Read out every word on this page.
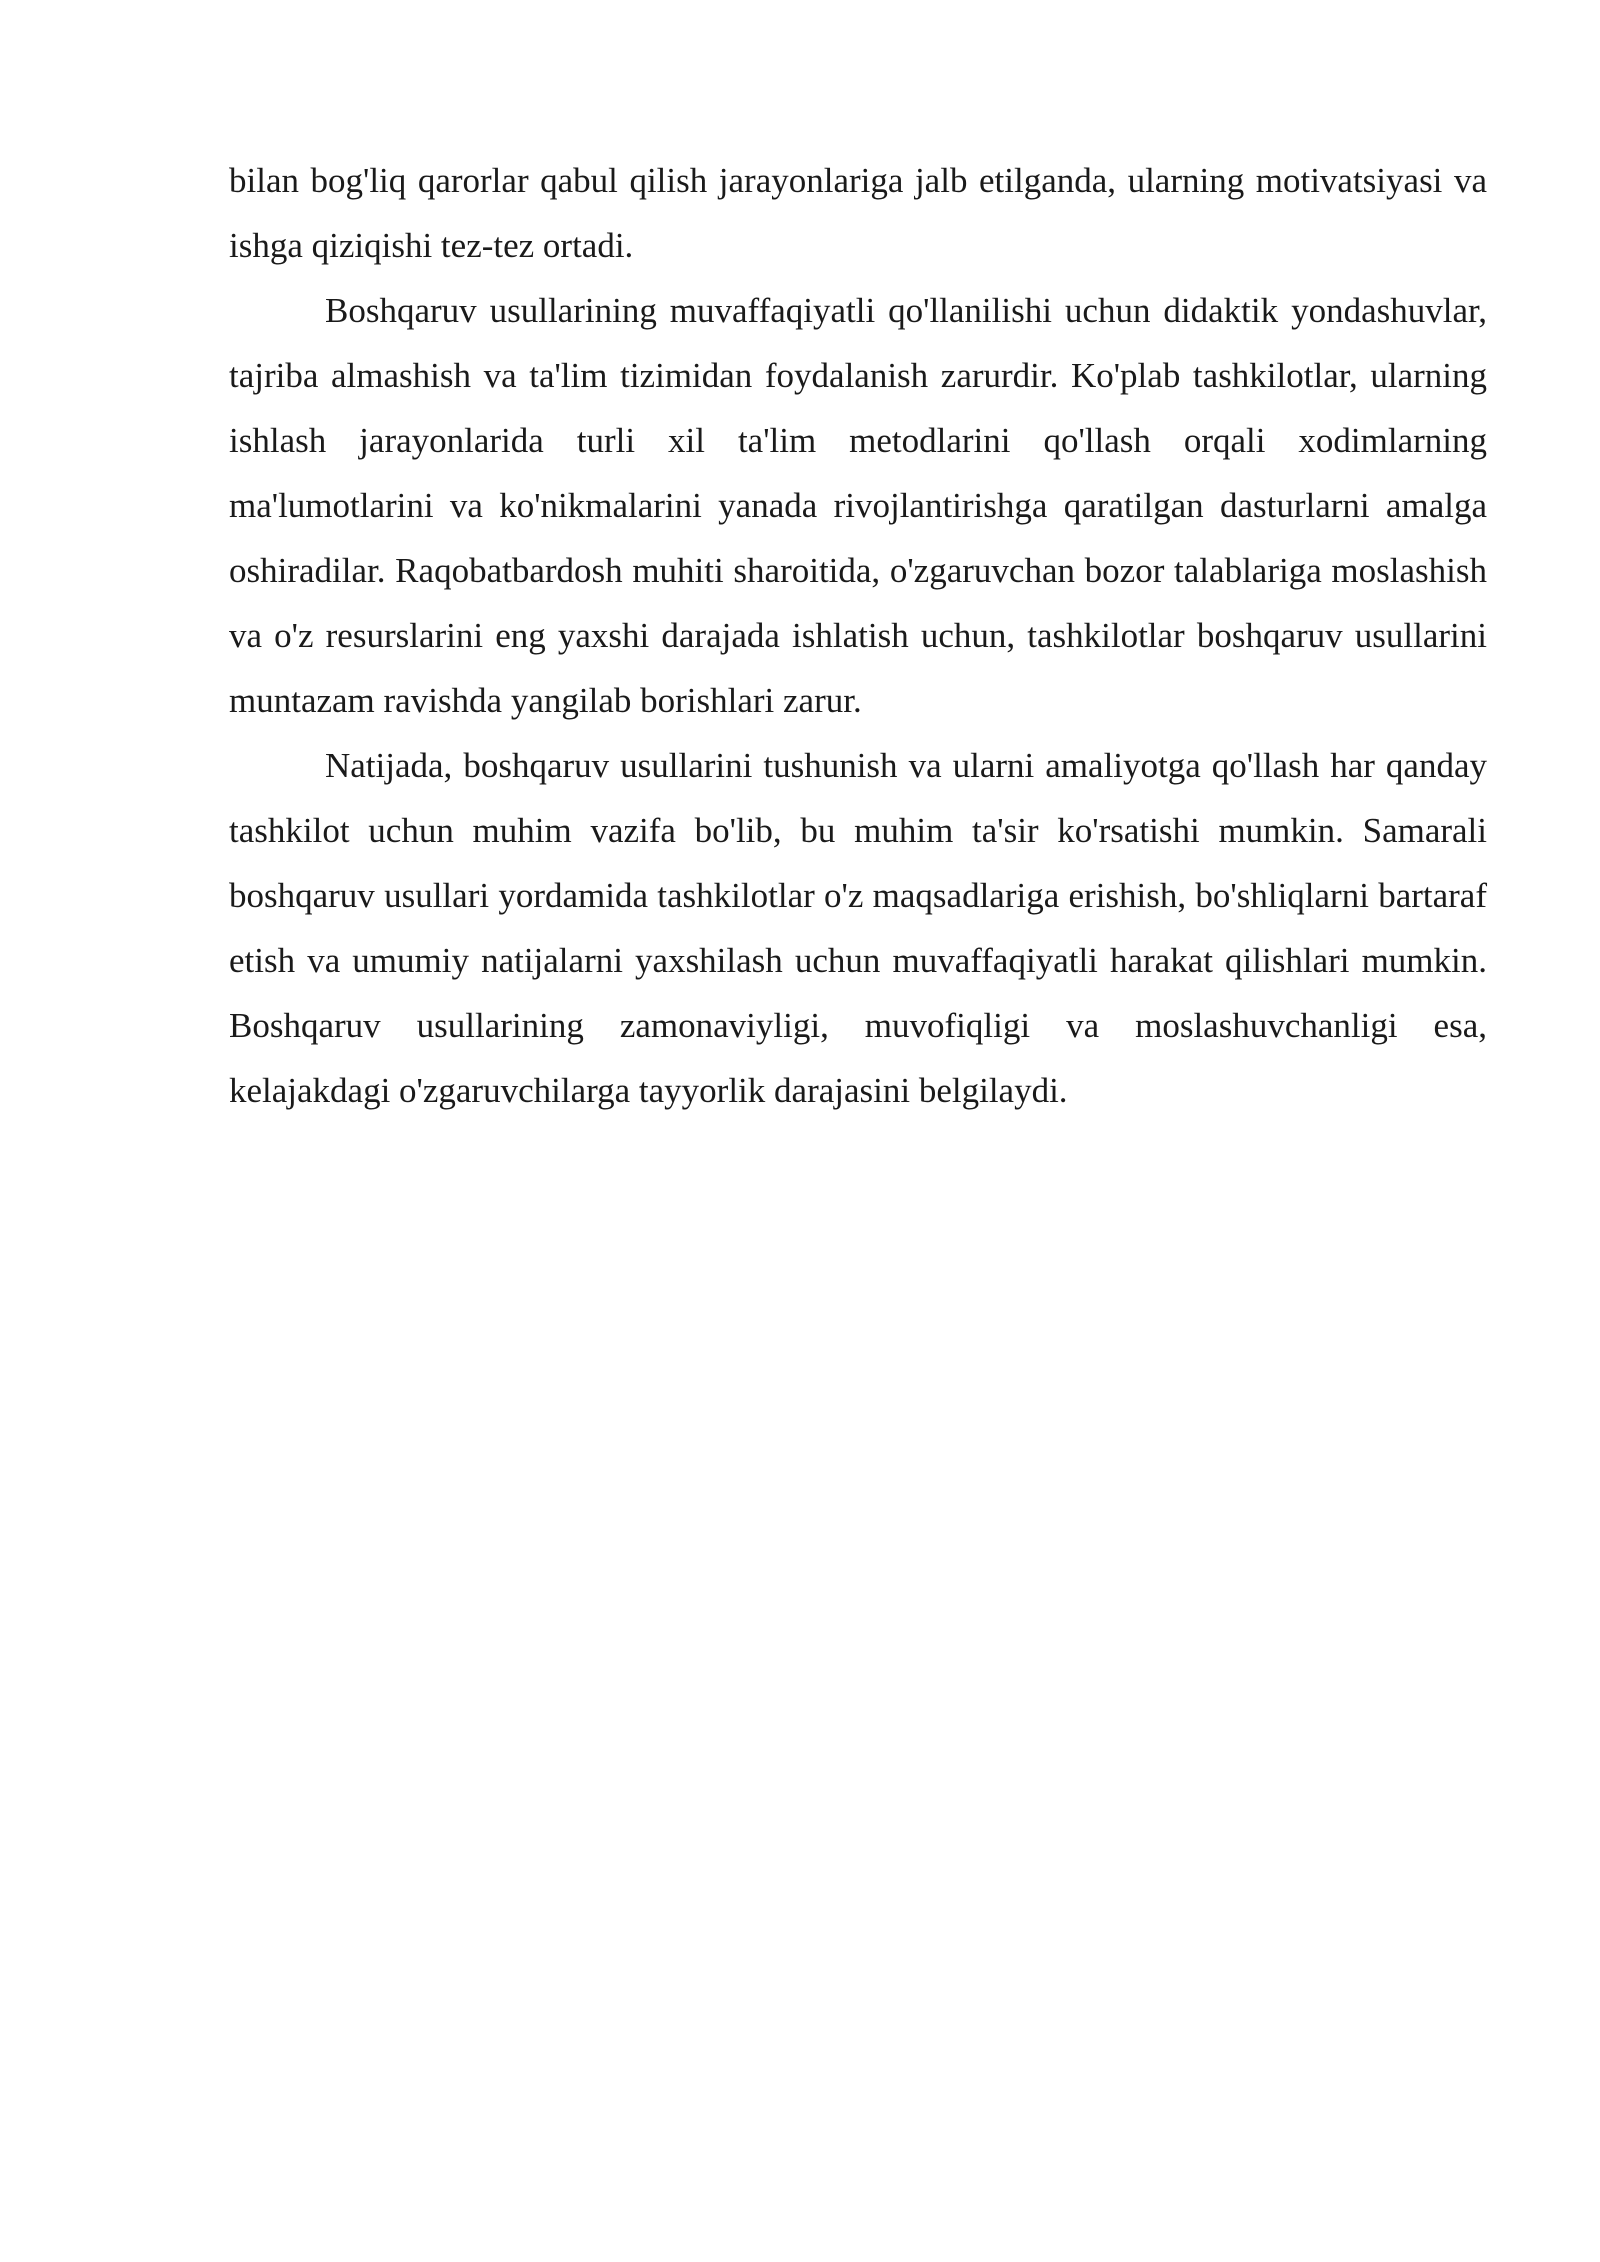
bilan bog'liq qarorlar qabul qilish jarayonlariga jalb etilganda, ularning motivatsiyasi va ishga qiziqishi tez-tez ortadi.

Boshqaruv usullarining muvaffaqiyatli qo'llanilishi uchun didaktik yondashuvlar, tajriba almashish va ta'lim tizimidan foydalanish zarurdir. Ko'plab tashkilotlar, ularning ishlash jarayonlarida turli xil ta'lim metodlarini qo'llash orqali xodimlarning ma'lumotlarini va ko'nikmalarini yanada rivojlantirishga qaratilgan dasturlarni amalga oshiradilar. Raqobatbardosh muhiti sharoitida, o'zgaruvchan bozor talablariga moslashish va o'z resurslarini eng yaxshi darajada ishlatish uchun, tashkilotlar boshqaruv usullarini muntazam ravishda yangilab borishlari zarur.

Natijada, boshqaruv usullarini tushunish va ularni amaliyotga qo'llash har qanday tashkilot uchun muhim vazifa bo'lib, bu muhim ta'sir ko'rsatishi mumkin. Samarali boshqaruv usullari yordamida tashkilotlar o'z maqsadlariga erishish, bo'shliqlarni bartaraf etish va umumiy natijalarni yaxshilash uchun muvaffaqiyatli harakat qilishlari mumkin. Boshqaruv usullarining zamonaviyligi, muvofiqligi va moslashuvchanligi esa, kelajakdagi o'zgaruvchilarga tayyorlik darajasini belgilaydi.
